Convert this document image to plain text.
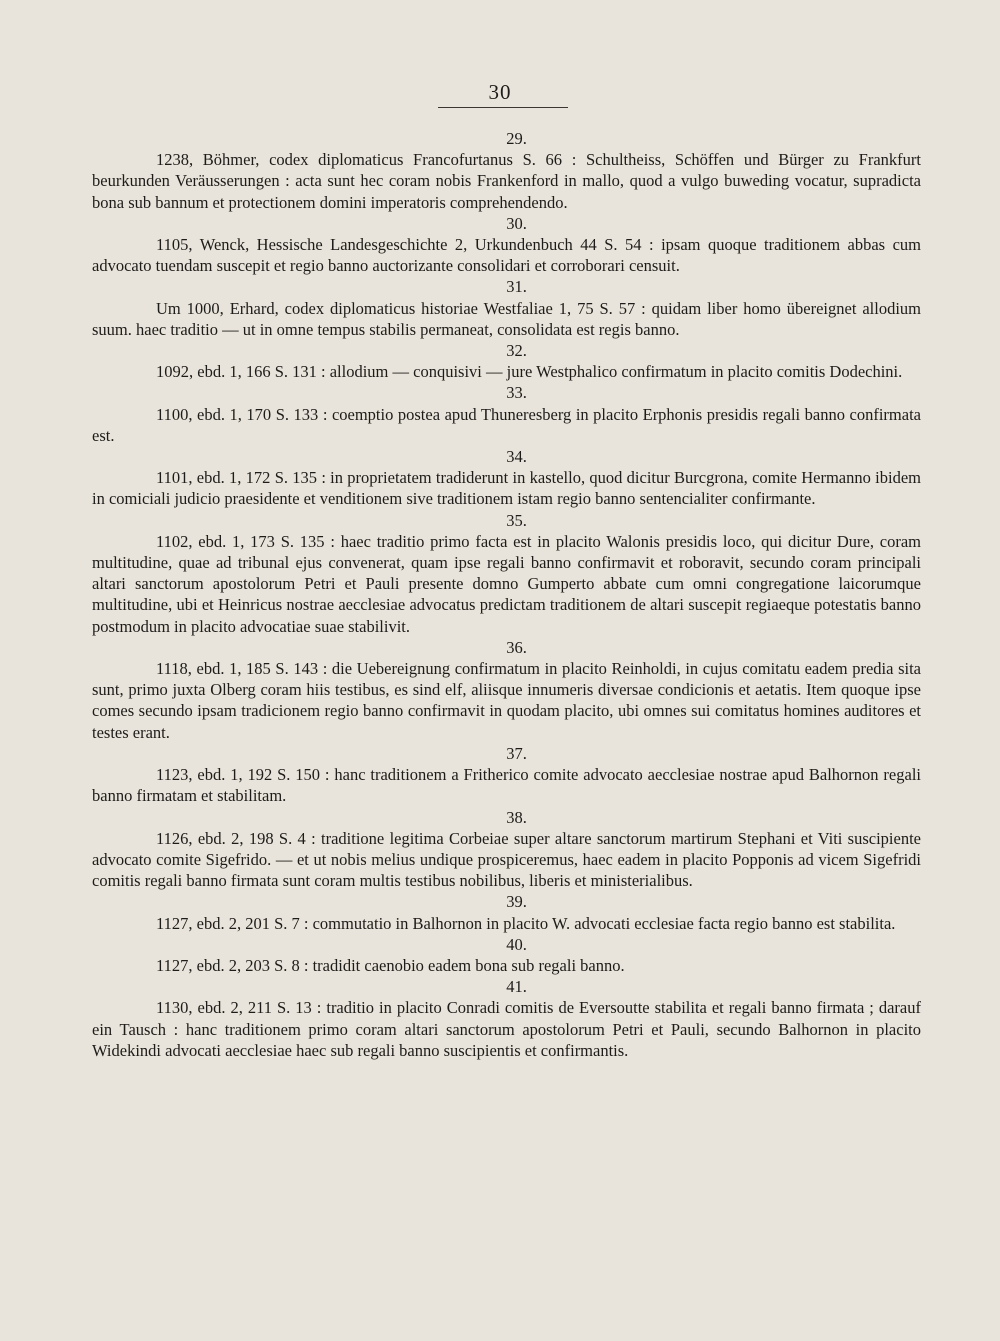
30
29.

1238, Böhmer, codex diplomaticus Francofurtanus S. 66 : Schultheiss, Schöffen und Bürger zu Frankfurt beurkunden Veräusserungen : acta sunt hec coram nobis Frankenford in mallo, quod a vulgo buweding vocatur, supradicta bona sub bannum et protectionem domini imperatoris comprehendendo.

30.

1105, Wenck, Hessische Landesgeschichte 2, Urkundenbuch 44 S. 54 : ipsam quoque traditionem abbas cum advocato tuendam suscepit et regio banno auctorizante consolidari et corroborari censuit.

31.

Um 1000, Erhard, codex diplomaticus historiae Westfaliae 1, 75 S. 57 : quidam liber homo übereignet allodium suum. haec traditio — ut in omne tempus stabilis permaneat, consolidata est regis banno.

32.

1092, ebd. 1, 166 S. 131 : allodium — conquisivi — jure Westphalico confirmatum in placito comitis Dodechini.

33.

1100, ebd. 1, 170 S. 133 : coemptio postea apud Thuneresberg in placito Erphonis presidis regali banno confirmata est.

34.

1101, ebd. 1, 172 S. 135 : in proprietatem tradiderunt in kastello, quod dicitur Burcgrona, comite Hermanno ibidem in comiciali judicio praesidente et venditionem sive traditionem istam regio banno sentencialiter confirmante.

35.

1102, ebd. 1, 173 S. 135 : haec traditio primo facta est in placito Walonis presidis loco, qui dicitur Dure, coram multitudine, quae ad tribunal ejus convenerat, quam ipse regali banno confirmavit et roboravit, secundo coram principali altari sanctorum apostolorum Petri et Pauli presente domno Gumperto abbate cum omni congregatione laicorumque multitudine, ubi et Heinricus nostrae aecclesiae advocatus predictam traditionem de altari suscepit regiaeque potestatis banno postmodum in placito advocatiae suae stabilivit.

36.

1118, ebd. 1, 185 S. 143 : die Uebereignung confirmatum in placito Reinholdi, in cujus comitatu eadem predia sita sunt, primo juxta Olberg coram hiis testibus, es sind elf, aliisque innumeris diversae condicionis et aetatis. Item quoque ipse comes secundo ipsam tradicionem regio banno confirmavit in quodam placito, ubi omnes sui comitatus homines auditores et testes erant.

37.

1123, ebd. 1, 192 S. 150 : hanc traditionem a Fritherico comite advocato aecclesiae nostrae apud Balhornon regali banno firmatam et stabilitam.

38.

1126, ebd. 2, 198 S. 4 : traditione legitima Corbeiae super altare sanctorum martirum Stephani et Viti suscipiente advocato comite Sigefrido. — et ut nobis melius undique prospiceremus, haec eadem in placito Popponis ad vicem Sigefridi comitis regali banno firmata sunt coram multis testibus nobilibus, liberis et ministerialibus.

39.

1127, ebd. 2, 201 S. 7 : commutatio in Balhornon in placito W. advocati ecclesiae facta regio banno est stabilita.

40.

1127, ebd. 2, 203 S. 8 : tradidit caenobio eadem bona sub regali banno.

41.

1130, ebd. 2, 211 S. 13 : traditio in placito Conradi comitis de Eversoutte stabilita et regali banno firmata ; darauf ein Tausch : hanc traditionem primo coram altari sanctorum apostolorum Petri et Pauli, secundo Balhornon in placito Widekindi advocati aecclesiae haec sub regali banno suscipientis et confirmantis.
